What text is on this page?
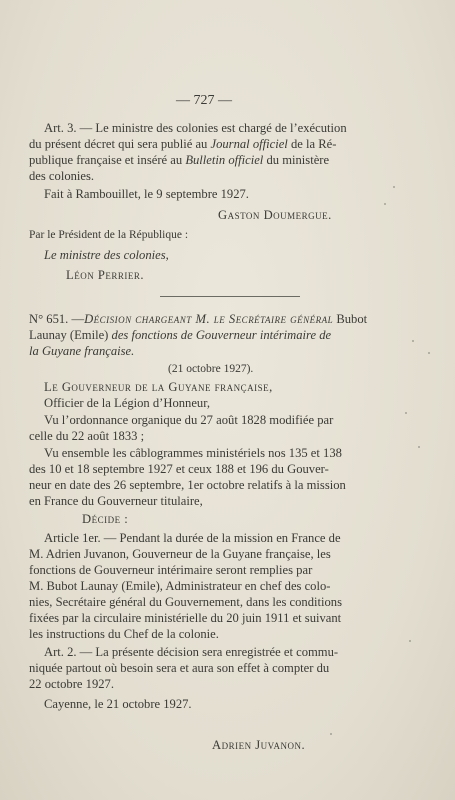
— 727 —
Art. 3. — Le ministre des colonies est chargé de l’exécution
du présent décret qui sera publié au Journal officiel de la Ré-
publique française et inséré au Bulletin officiel du ministère
des colonies.
Fait à Rambouillet, le 9 septembre 1927.
Gaston Doumergue.
Par le Président de la République :
Le ministre des colonies,
Léon Perrier.
N° 651. —Décision chargeant M. le Secrétaire général Bubot
Launay (Emile) des fonctions de Gouverneur intérimaire de
la Guyane française.
(21 octobre 1927).
Le Gouverneur de la Guyane française,
Officier de la Légion d’Honneur,
Vu l’ordonnance organique du 27 août 1828 modifiée par
celle du 22 août 1833 ;
Vu ensemble les câblogrammes ministériels nos 135 et 138
des 10 et 18 septembre 1927 et ceux 188 et 196 du Gouver-
neur en date des 26 septembre, 1er octobre relatifs à la mission
en France du Gouverneur titulaire,
Décide :
Article 1er. — Pendant la durée de la mission en France de
M. Adrien Juvanon, Gouverneur de la Guyane française, les
fonctions de Gouverneur intérimaire seront remplies par
M. Bubot Launay (Emile), Administrateur en chef des colo-
nies, Secrétaire général du Gouvernement, dans les conditions
fixées par la circulaire ministérielle du 20 juin 1911 et suivant
les instructions du Chef de la colonie.
Art. 2. — La présente décision sera enregistrée et commu-
niquée partout où besoin sera et aura son effet à compter du
22 octobre 1927.
Cayenne, le 21 octobre 1927.
Adrien Juvanon.
